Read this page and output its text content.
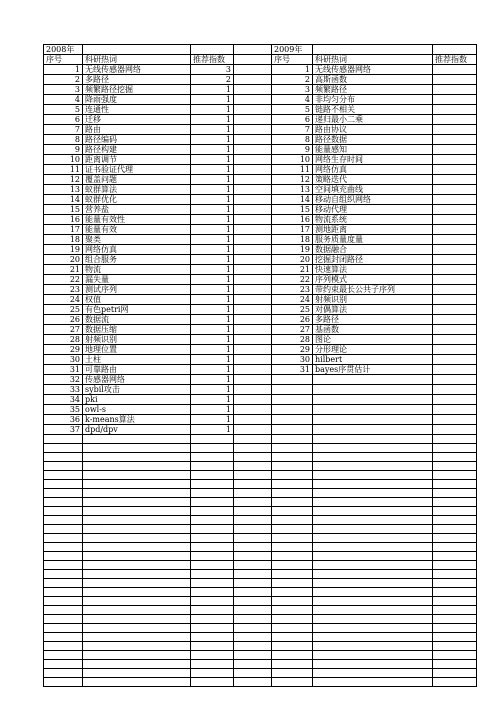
2008年				2009年		
序号	科研热词	推荐指数		序号	科研热词	推荐指数
1	无线传感器网络	3		1	无线传感器网络	
2	多路径	2		2	高斯函数	
3	频繁路径挖掘	1		3	频繁路径	
4	降雨强度	1		4	非均匀分布	
5	连通性	1		5	链路不相关	
6	迁移	1		6	递归最小二乘	
7	路由	1		7	路由协议	
8	路径编码	1		8	路径数据	
9	路径构建	1		9	能量感知	
10	距离调节	1		10	网络生存时间	
11	证书验证代理	1		11	网络仿真	
12	覆盖问题	1		12	策略迭代	
13	蚁群算法	1		13	空间填充曲线	
14	蚁群优化	1		14	移动自组织网络	
15	营养盐	1		15	移动代理	
16	能量有效性	1		16	物流系统	
17	能量有效	1		17	测地距离	
18	聚类	1		18	服务质量度量	
19	网络仿真	1		19	数据融合	
20	组合服务	1		20	挖掘封闭路径	
21	物流	1		21	快速算法	
22	漏失量	1		22	序列模式	
23	测试序列	1		23	带约束最长公共子序列	
24	权值	1		24	射频识别	
25	有色petri网	1		25	对偶算法	
26	数据流	1		26	多路径	
27	数据压缩	1		27	基函数	
28	射频识别	1		28	图论	
29	地理位置	1		29	分形理论	
30	土柱	1		30	hilbert	
31	可靠路由	1		31	bayes序贯估计	
32	传感器网络	1				
33	sybil攻击	1				
34	pki	1				
35	owl-s	1				
36	k-means算法	1				
37	dpd/dpv	1				
